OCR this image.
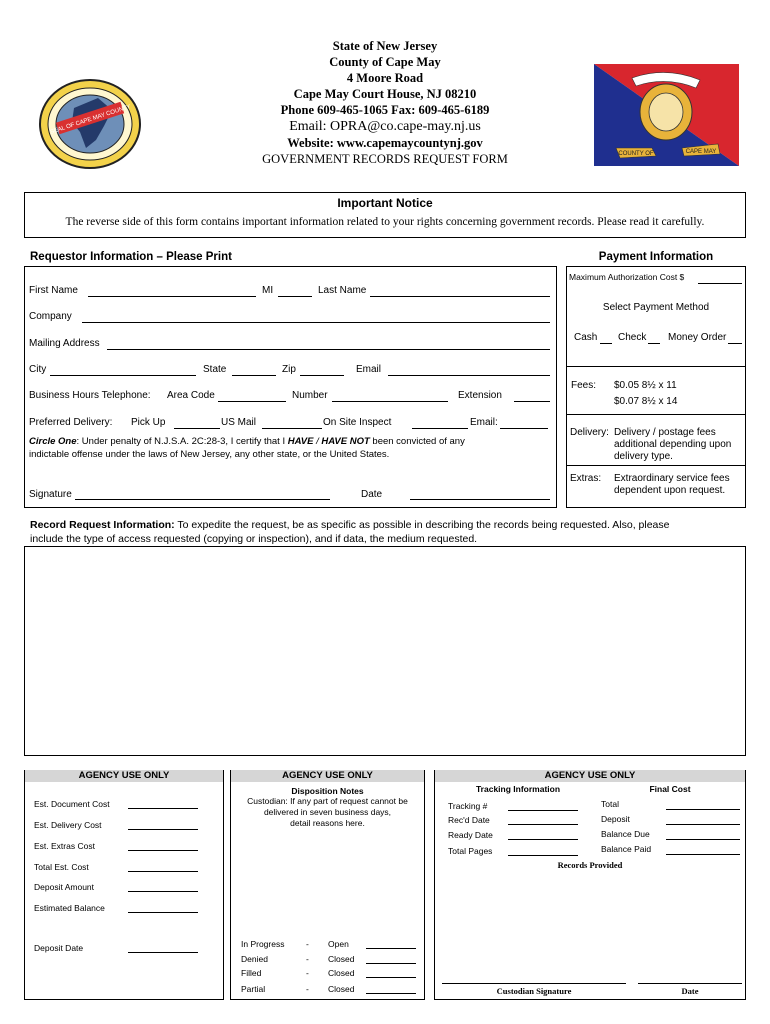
SEAL OF CAPE MAY COUNTY
State of New Jersey
County of Cape May
4 Moore Road
Cape May Court House, NJ 08210
Phone 609-465-1065 Fax: 609-465-6189
Email: OPRA@co.cape-may.nj.us
Website: www.capemaycountynj.gov
GOVERNMENT RECORDS REQUEST FORM	COUNTY OF	CAPE MAY
Important Notice
The reverse side of this form contains important information related to your rights concerning government records. Please read it carefully.
Requestor Information – Please Print
First Name	MI	Last Name
Company
Mailing Address
City	State	Zip	Email
Business Hours Telephone: Area Code	Number	Extension
Preferred Delivery: Pick Up	US Mail	On Site Inspect	Email:
Circle One: Under penalty of N.J.S.A. 2C:28-3, I certify that I HAVE / HAVE NOT been convicted of any
indictable offense under the laws of New Jersey, any other state, or the United States.
Signature	Date
Payment Information
Maximum Authorization Cost $
Select Payment Method
Cash Check Money Order
Fees: $0.05 8½ x 11
$0.07 8½ x 14
Delivery: Delivery / postage fees
additional depending upon
delivery type.
Extras: Extraordinary service fees
dependent upon request.
Record Request Information: To expedite the request, be as specific as possible in describing the records being requested. Also, please
include the type of access requested (copying or inspection), and if data, the medium requested.
AGENCY USE ONLY
Est. Document Cost
Est. Delivery Cost
Est. Extras Cost
Total Est. Cost
Deposit Amount
Estimated Balance
Deposit Date
AGENCY USE ONLY
Disposition Notes
Custodian: If any part of request cannot be
delivered in seven business days,
detail reasons here.
In Progress	- Open
Denied	- Closed
Filled	- Closed
Partial	- Closed
AGENCY USE ONLY
Tracking Information	Final Cost
Tracking #
Rec'd Date
Ready Date
Total Pages
Total
Deposit
Balance Due
Balance Paid
Records Provided
Custodian Signature	Date
